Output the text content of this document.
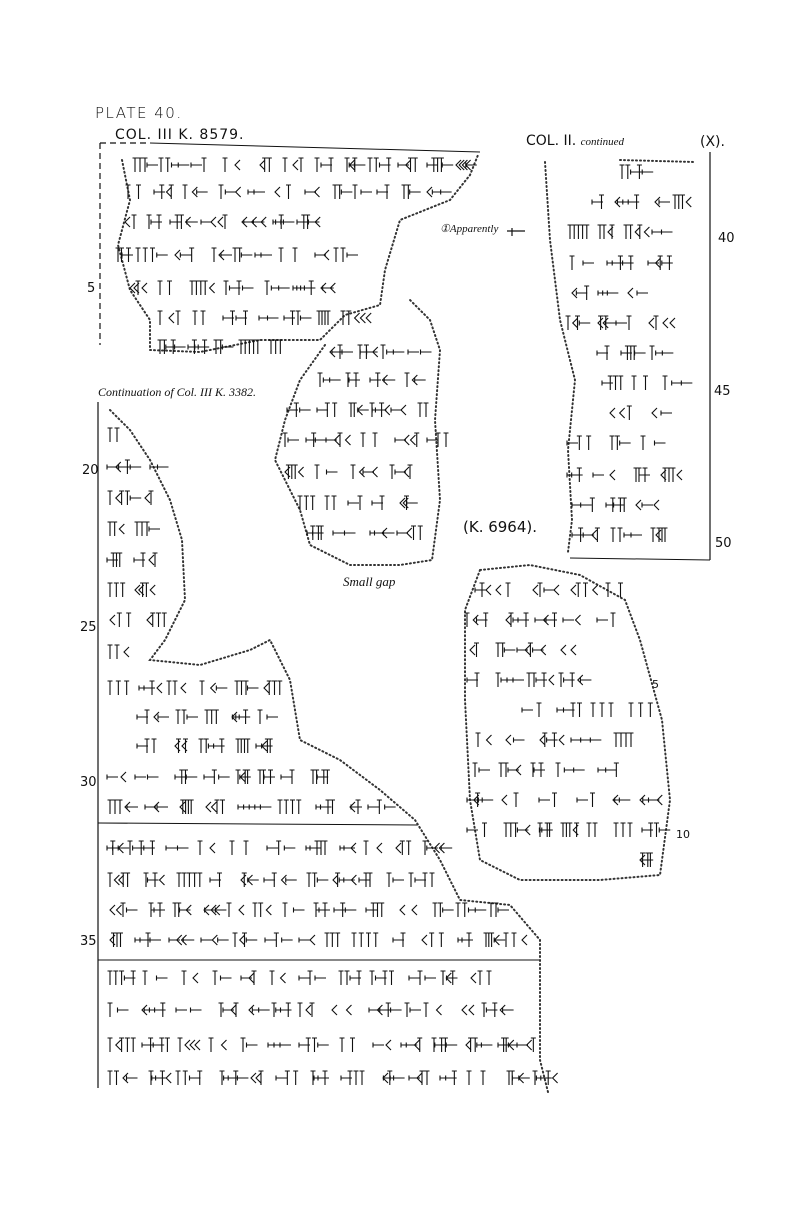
PLATE 40.
COL. III K. 8579.	COL. II. continued	(X).
①Apparently
Continuation of Col. III K. 3382.
Small gap
(K. 6964).
5
40
45
50
20
25
30
35
5
10
